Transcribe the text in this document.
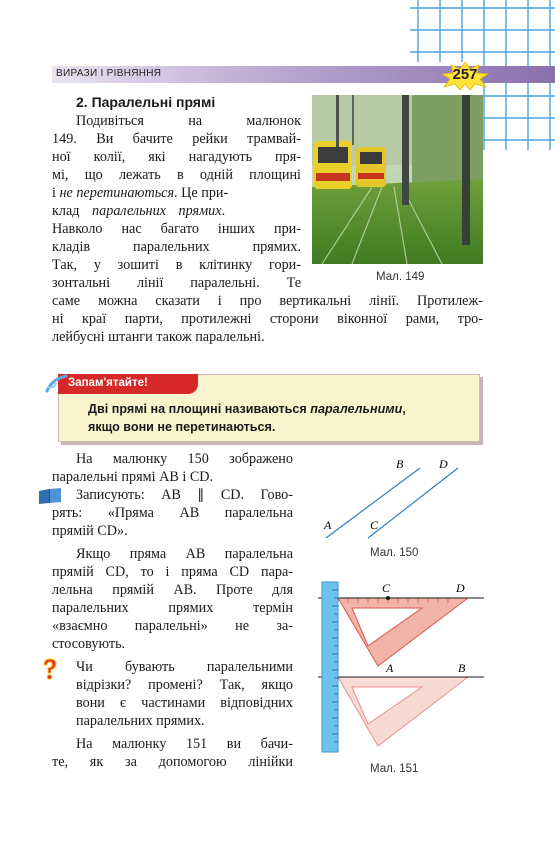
ВИРАЗИ І РІВНЯННЯ	257
2. Паралельні прямі
Подивіться на малюнок
149. Ви бачите рейки трамвай-
ної колії, які нагадують пря-
мі, що лежать в одній площині
і не перетинаються. Це при-
клад паралельних прямих.
Навколо нас багато інших при-
кладів паралельних прямих.
Так, у зошиті в клітинку гори-
зонтальні лінії паралельні. Те
саме можна сказати і про вертикальні лінії. Протилеж-
ні краї парти, протилежні сторони віконної рами, тро-
лейбусні штанги також паралельні.
Мал. 149
Запам'ятайте!
Дві прямі на площині називаються паралельними,
якщо вони не перетинаються.
На малюнку 150 зображено
паралельні прямі AB і CD.
Записують: AB ∥ CD. Гово-
рять: «Пряма AB паралельна
прямій CD».
Якщо пряма AB паралельна
прямій CD, то і пряма CD пара-
лельна прямій AB. Проте для
паралельних прямих термін
«взаємно паралельні» не за-
стосовують.
Чи бувають паралельними
відрізки? промені? Так, якщо
вони є частинами відповідних
паралельних прямих.
На малюнку 151 ви бачи-
те, як за допомогою лінійки
A
B
C
D
Мал. 150
C	D
A	B
Мал. 151
